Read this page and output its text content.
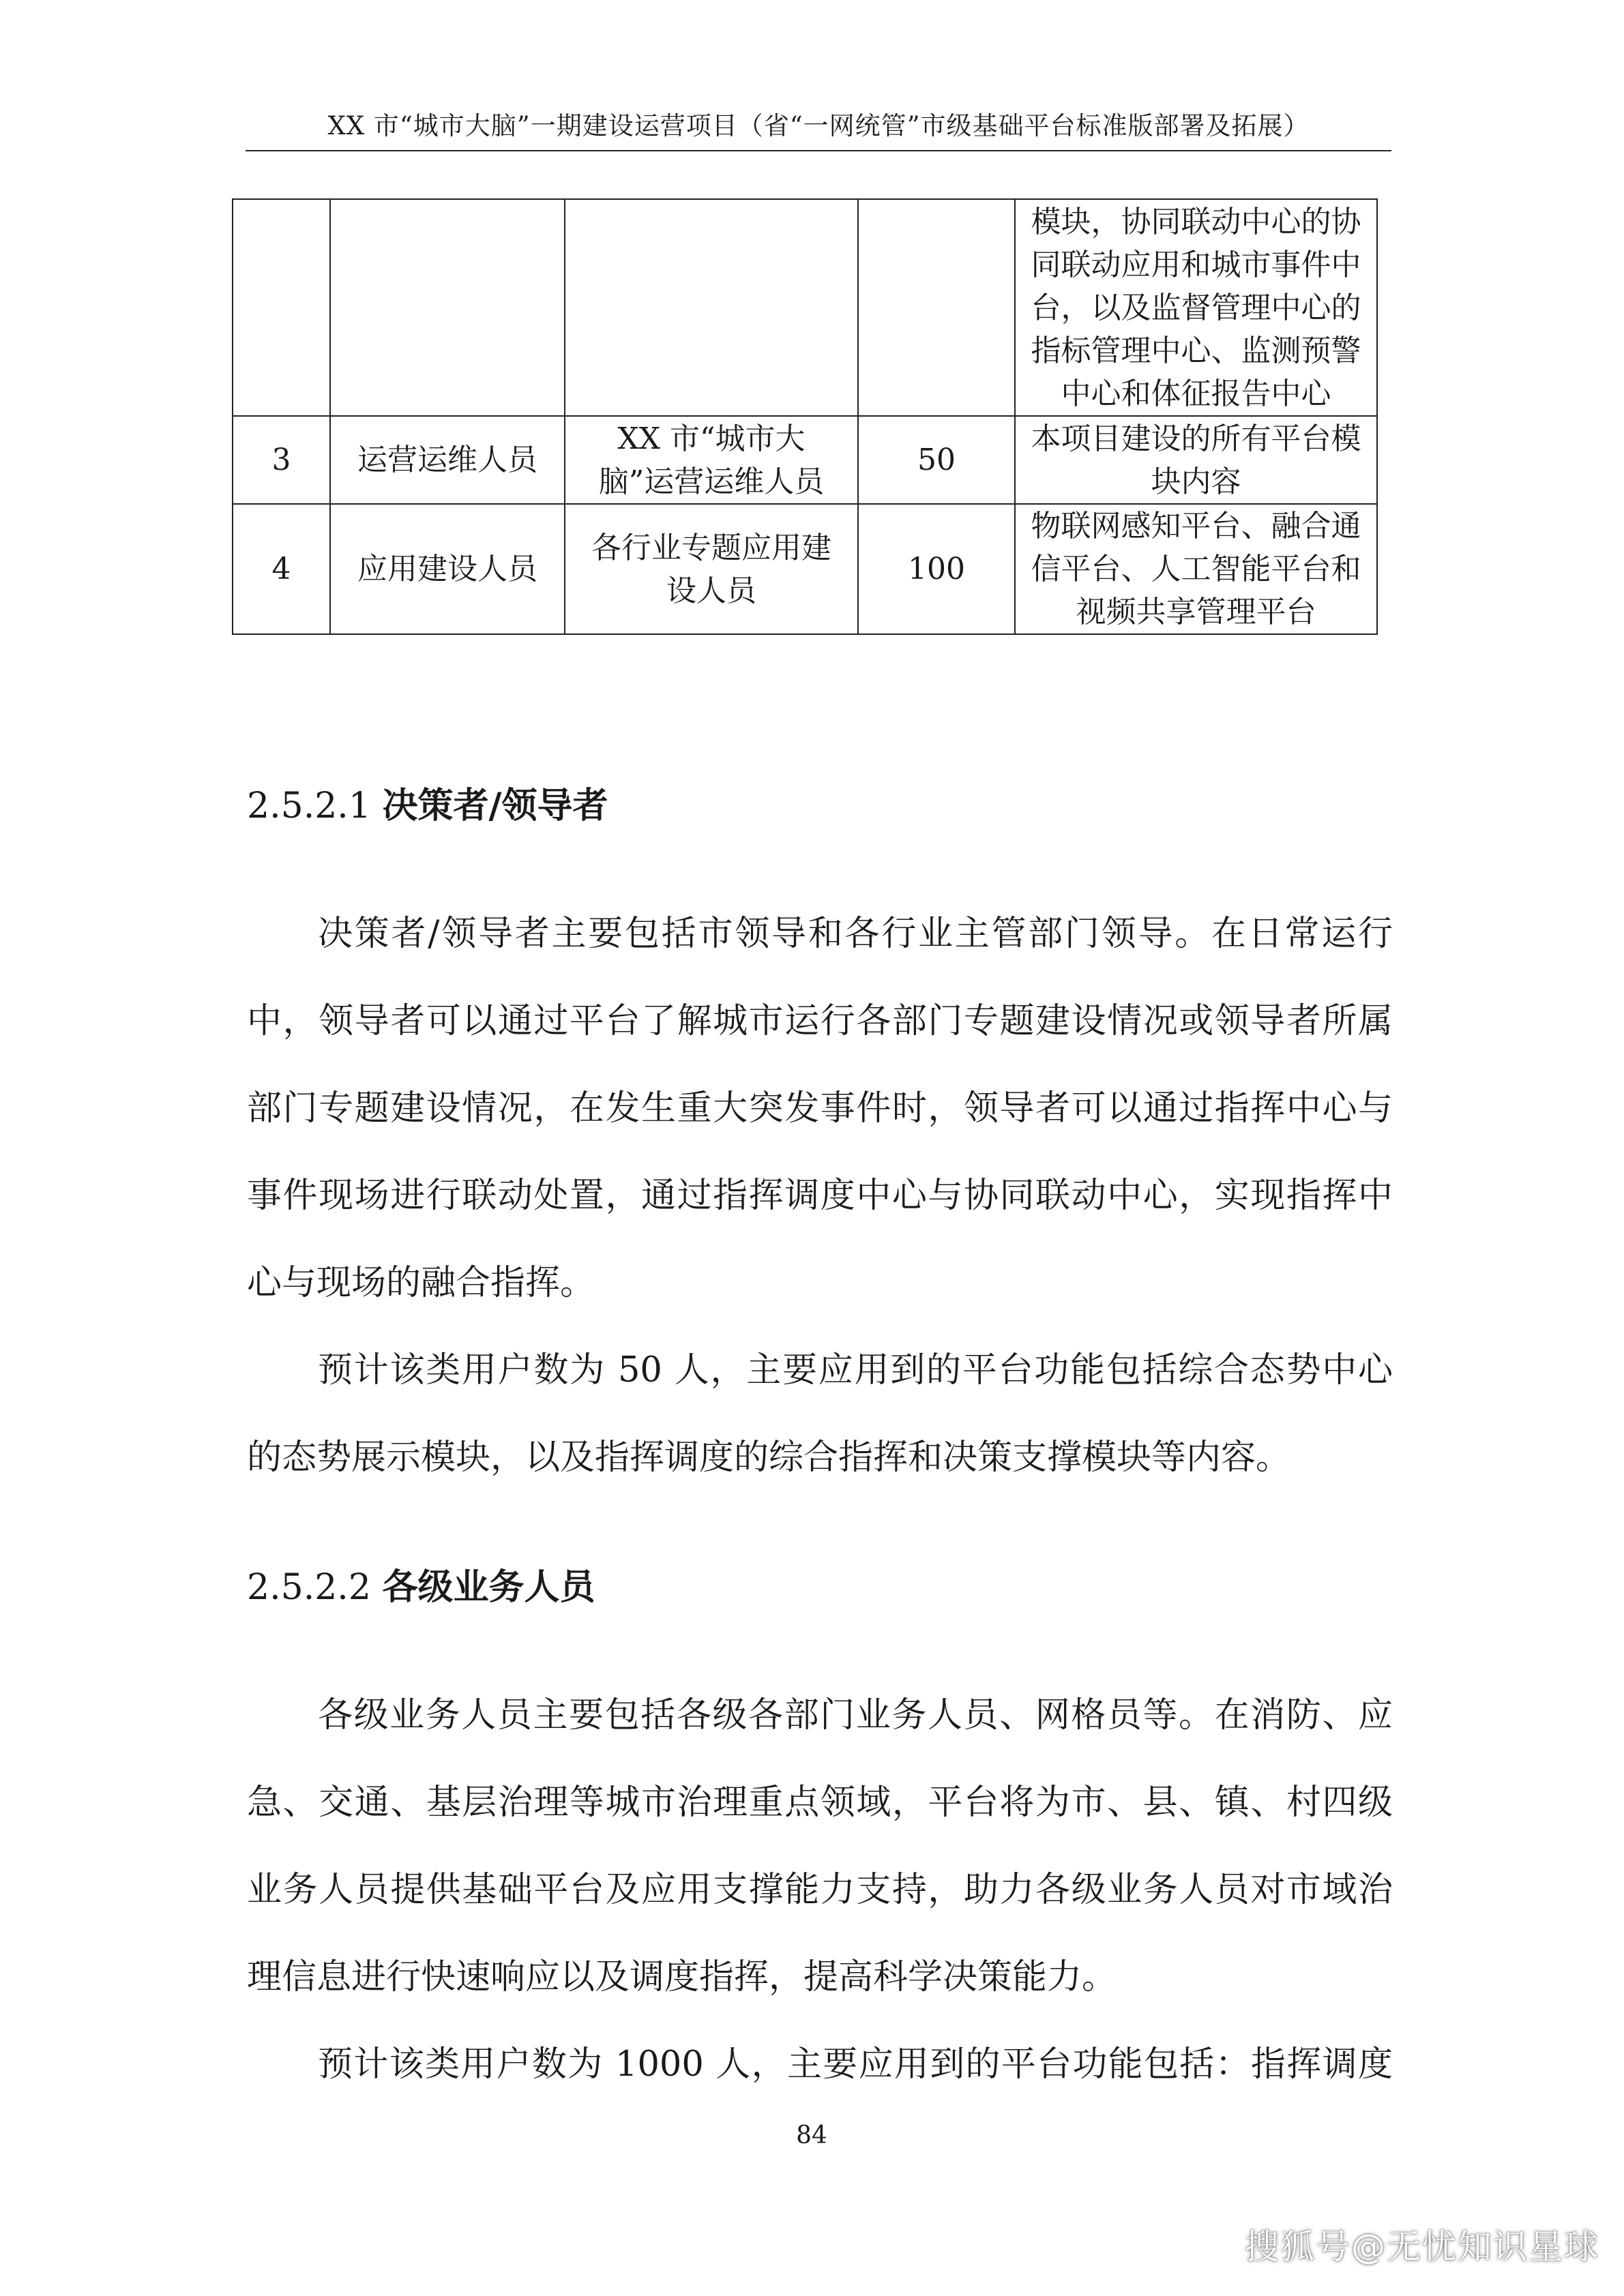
XX 市“城市大脑”一期建设运营项目（省“一网统管”市级基础平台标准版部署及拓展）
				模块，协同联动中心的协同联动应用和城市事件中台，以及监督管理中心的指标管理中心、监测预警中心和体征报告中心
3	运营运维人员	XX 市“城市大脑”运营运维人员	50	本项目建设的所有平台模块内容
4	应用建设人员	各行业专题应用建设人员	100	物联网感知平台、融合通信平台、人工智能平台和视频共享管理平台
2.5.2.1 决策者/领导者
决策者/领导者主要包括市领导和各行业主管部门领导。在日常运行
中，领导者可以通过平台了解城市运行各部门专题建设情况或领导者所属
部门专题建设情况，在发生重大突发事件时，领导者可以通过指挥中心与
事件现场进行联动处置，通过指挥调度中心与协同联动中心，实现指挥中
心与现场的融合指挥。
预计该类用户数为 50 人，主要应用到的平台功能包括综合态势中心
的态势展示模块，以及指挥调度的综合指挥和决策支撑模块等内容。
2.5.2.2 各级业务人员
各级业务人员主要包括各级各部门业务人员、网格员等。在消防、应
急、交通、基层治理等城市治理重点领域，平台将为市、县、镇、村四级
业务人员提供基础平台及应用支撑能力支持，助力各级业务人员对市域治
理信息进行快速响应以及调度指挥，提高科学决策能力。
预计该类用户数为 1000 人，主要应用到的平台功能包括：指挥调度
84
搜狐号@无忧知识星球
